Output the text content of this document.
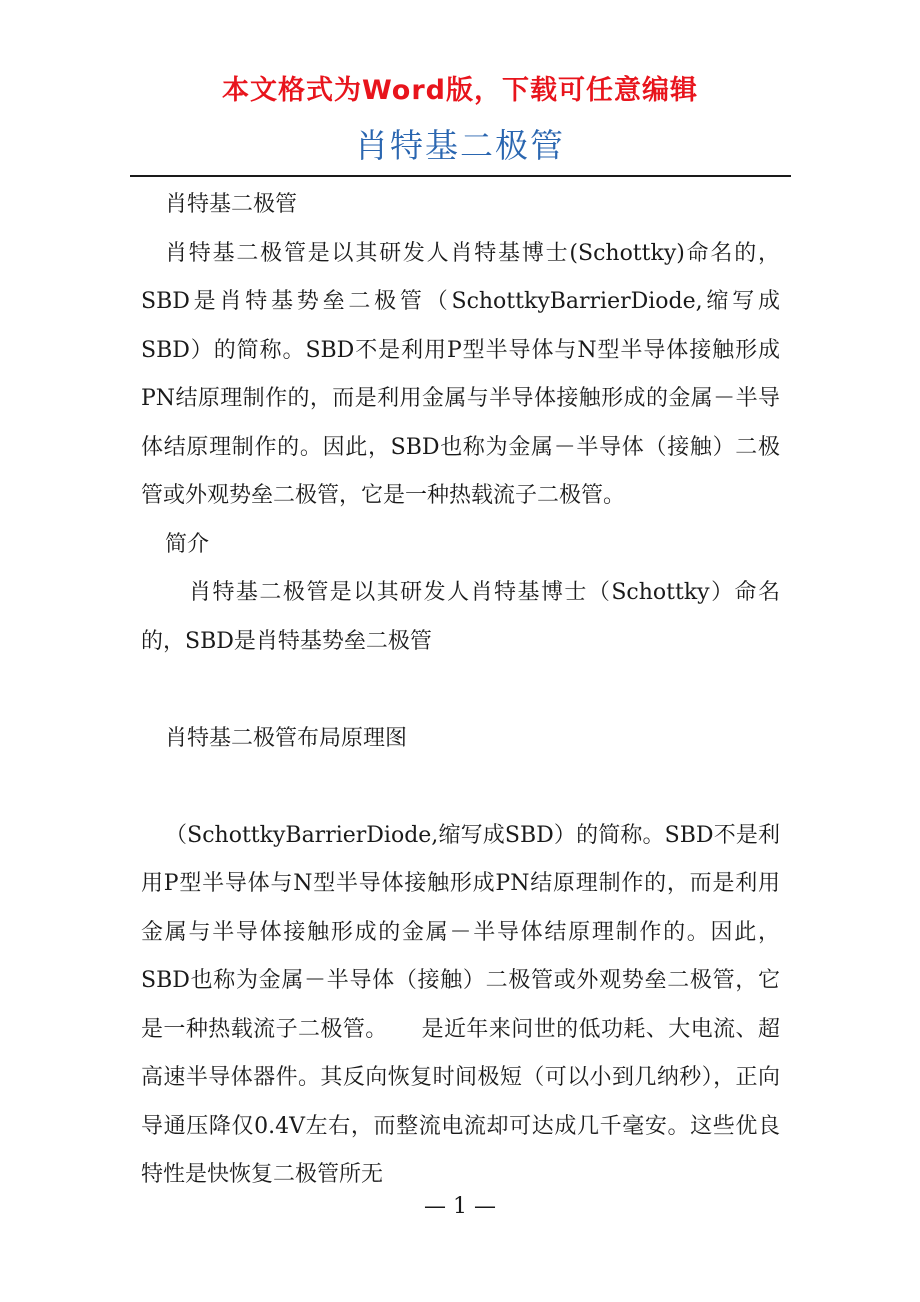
本文格式为Word版，下载可任意编辑
肖特基二极管

肖特基二极管

肖特基二极管是以其研发人肖特基博士(Schottky)命名的，SBD是肖特基势垒二极管（SchottkyBarrierDiode,缩写成SBD）的简称。SBD不是利用P型半导体与N型半导体接触形成PN结原理制作的，而是利用金属与半导体接触形成的金属－半导体结原理制作的。因此，SBD也称为金属－半导体（接触）二极管或外观势垒二极管，它是一种热载流子二极管。

简介

肖特基二极管是以其研发人肖特基博士（Schottky）命名的，SBD是肖特基势垒二极管

肖特基二极管布局原理图

（SchottkyBarrierDiode,缩写成SBD）的简称。SBD不是利用P型半导体与N型半导体接触形成PN结原理制作的，而是利用金属与半导体接触形成的金属－半导体结原理制作的。因此，SBD也称为金属－半导体（接触）二极管或外观势垒二极管，它是一种热载流子二极管。　　是近年来问世的低功耗、大电流、超高速半导体器件。其反向恢复时间极短（可以小到几纳秒），正向导通压降仅0.4V左右，而整流电流却可达成几千毫安。这些优良特性是快恢复二极管所无

— 1 —
